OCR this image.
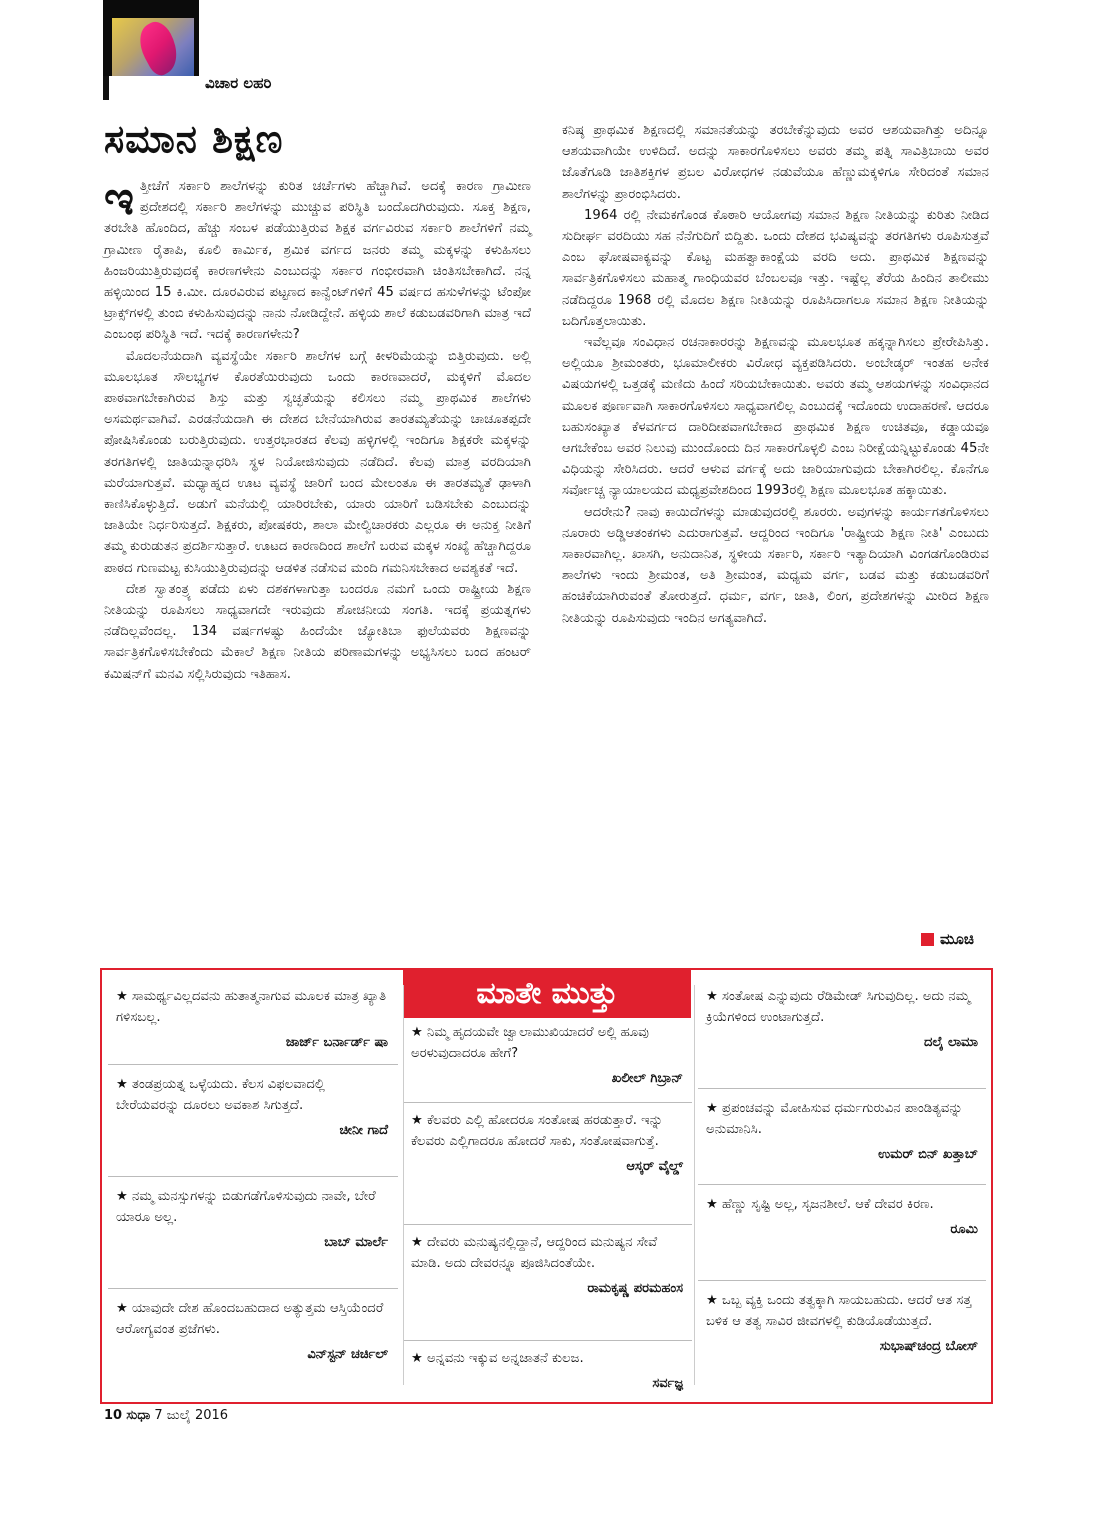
ವಿಚಾರ ಲಹರಿ
ಸಮಾನ ಶಿಕ್ಷಣ

ಇತ್ತೀಚೆಗೆ ಸರ್ಕಾರಿ ಶಾಲೆಗಳನ್ನು ಕುರಿತ ಚರ್ಚೆಗಳು ಹೆಚ್ಚಾಗಿವೆ. ಅದಕ್ಕೆ ಕಾರಣ ಗ್ರಾಮೀಣ ಪ್ರದೇಶದಲ್ಲಿ ಸರ್ಕಾರಿ ಶಾಲೆಗಳನ್ನು ಮುಚ್ಚುವ ಪರಿಸ್ಥಿತಿ ಬಂದೊದಗಿರುವುದು. ಸೂಕ್ತ ಶಿಕ್ಷಣ, ತರಬೇತಿ ಹೊಂದಿದ, ಹೆಚ್ಚು ಸಂಬಳ ಪಡೆಯುತ್ತಿರುವ ಶಿಕ್ಷಕ ವರ್ಗವಿರುವ ಸರ್ಕಾರಿ ಶಾಲೆಗಳಿಗೆ ನಮ್ಮ ಗ್ರಾಮೀಣ ರೈತಾಪಿ, ಕೂಲಿ ಕಾರ್ಮಿಕ, ಶ್ರಮಿಕ ವರ್ಗದ ಜನರು ತಮ್ಮ ಮಕ್ಕಳನ್ನು ಕಳುಹಿಸಲು ಹಿಂಜರಿಯುತ್ತಿರುವುದಕ್ಕೆ ಕಾರಣಗಳೇನು ಎಂಬುದನ್ನು ಸರ್ಕಾರ ಗಂಭೀರವಾಗಿ ಚಿಂತಿಸಬೇಕಾಗಿದೆ. ನನ್ನ ಹಳ್ಳಿಯಿಂದ 15 ಕಿ.ಮೀ. ದೂರವಿರುವ ಪಟ್ಟಣದ ಕಾನ್ವೆಂಟ್‌ಗಳಿಗೆ 45 ವರ್ಷದ ಹಸುಳೆಗಳನ್ನು ಟೆಂಪೋ ಟ್ರಾಕ್ಸ್‌ಗಳಲ್ಲಿ ತುಂಬಿ ಕಳುಹಿಸುವುದನ್ನು ನಾನು ನೋಡಿದ್ದೇನೆ. ಹಳ್ಳಿಯ ಶಾಲೆ ಕಡುಬಡವರಿಗಾಗಿ ಮಾತ್ರ ಇದೆ ಎಂಬಂಥ ಪರಿಸ್ಥಿತಿ ಇದೆ. ಇದಕ್ಕೆ ಕಾರಣಗಳೇನು?

ಮೊದಲನೆಯದಾಗಿ ವ್ಯವಸ್ಥೆಯೇ ಸರ್ಕಾರಿ ಶಾಲೆಗಳ ಬಗ್ಗೆ ಕೀಳರಿಮೆಯನ್ನು ಬಿತ್ತಿರುವುದು. ಅಲ್ಲಿ ಮೂಲಭೂತ ಸೌಲಭ್ಯಗಳ ಕೊರತೆಯಿರುವುದು ಒಂದು ಕಾರಣವಾದರೆ, ಮಕ್ಕಳಿಗೆ ಮೊದಲ ಪಾಠವಾಗಬೇಕಾಗಿರುವ ಶಿಸ್ತು ಮತ್ತು ಸ್ವಚ್ಛತೆಯನ್ನು ಕಲಿಸಲು ನಮ್ಮ ಪ್ರಾಥಮಿಕ ಶಾಲೆಗಳು ಅಸಮರ್ಥವಾಗಿವೆ. ಎರಡನೆಯದಾಗಿ ಈ ದೇಶದ ಬೇನೆಯಾಗಿರುವ ತಾರತಮ್ಯತೆಯನ್ನು ಚಾಚೂತಪ್ಪದೇ ಪೋಷಿಸಿಕೊಂಡು ಬರುತ್ತಿರುವುದು. ಉತ್ತರಭಾರತದ ಕೆಲವು ಹಳ್ಳಿಗಳಲ್ಲಿ ಇಂದಿಗೂ ಶಿಕ್ಷಕರೇ ಮಕ್ಕಳನ್ನು ತರಗತಿಗಳಲ್ಲಿ ಜಾತಿಯನ್ನಾಧರಿಸಿ ಸ್ಥಳ ನಿಯೋಜಿಸುವುದು ನಡೆದಿದೆ. ಕೆಲವು ಮಾತ್ರ ವರದಿಯಾಗಿ ಮರೆಯಾಗುತ್ತವೆ. ಮಧ್ಯಾಹ್ನದ ಊಟ ವ್ಯವಸ್ಥೆ ಜಾರಿಗೆ ಬಂದ ಮೇಲಂತೂ ಈ ತಾರತಮ್ಯತೆ ಢಾಳಾಗಿ ಕಾಣಿಸಿಕೊಳ್ಳುತ್ತಿದೆ. ಅಡುಗೆ ಮನೆಯಲ್ಲಿ ಯಾರಿರಬೇಕು, ಯಾರು ಯಾರಿಗೆ ಬಡಿಸಬೇಕು ಎಂಬುದನ್ನು ಜಾತಿಯೇ ನಿರ್ಧರಿಸುತ್ತದೆ. ಶಿಕ್ಷಕರು, ಪೋಷಕರು, ಶಾಲಾ ಮೇಲ್ವಿಚಾರಕರು ಎಲ್ಲರೂ ಈ ಅನುಕ್ತ ನೀತಿಗೆ ತಮ್ಮ ಕುರುಡುತನ ಪ್ರದರ್ಶಿಸುತ್ತಾರೆ. ಊಟದ ಕಾರಣದಿಂದ ಶಾಲೆಗೆ ಬರುವ ಮಕ್ಕಳ ಸಂಖ್ಯೆ ಹೆಚ್ಚಾಗಿದ್ದರೂ ಪಾಠದ ಗುಣಮಟ್ಟ ಕುಸಿಯುತ್ತಿರುವುದನ್ನು ಆಡಳಿತ ನಡೆಸುವ ಮಂದಿ ಗಮನಿಸಬೇಕಾದ ಅವಶ್ಯಕತೆ ಇದೆ.

ದೇಶ ಸ್ವಾತಂತ್ರ್ಯ ಪಡೆದು ಏಳು ದಶಕಗಳಾಗುತ್ತಾ ಬಂದರೂ ನಮಗೆ ಒಂದು ರಾಷ್ಟ್ರೀಯ ಶಿಕ್ಷಣ ನೀತಿಯನ್ನು ರೂಪಿಸಲು ಸಾಧ್ಯವಾಗದೇ ಇರುವುದು ಶೋಚನೀಯ ಸಂಗತಿ. ಇದಕ್ಕೆ ಪ್ರಯತ್ನಗಳು ನಡೆದಿಲ್ಲವೆಂದಲ್ಲ. 134 ವರ್ಷಗಳಷ್ಟು ಹಿಂದೆಯೇ ಜ್ಯೋತಿಬಾ ಫುಲೆಯವರು ಶಿಕ್ಷಣವನ್ನು ಸಾರ್ವತ್ರಿಕಗೊಳಿಸಬೇಕೆಂದು ಮೆಕಾಲೆ ಶಿಕ್ಷಣ ನೀತಿಯ ಪರಿಣಾಮಗಳನ್ನು ಅಭ್ಯಸಿಸಲು ಬಂದ ಹಂಟರ್ ಕಮಿಷನ್‌ಗೆ ಮನವಿ ಸಲ್ಲಿಸಿರುವುದು ಇತಿಹಾಸ.

ಕನಿಷ್ಠ ಪ್ರಾಥಮಿಕ ಶಿಕ್ಷಣದಲ್ಲಿ ಸಮಾನತೆಯನ್ನು ತರಬೇಕೆನ್ನುವುದು ಅವರ ಆಶಯವಾಗಿತ್ತು ಅದಿನ್ನೂ ಆಶಯವಾಗಿಯೇ ಉಳಿದಿದೆ. ಅದನ್ನು ಸಾಕಾರಗೊಳಿಸಲು ಅವರು ತಮ್ಮ ಪತ್ನಿ ಸಾವಿತ್ರಿಬಾಯಿ ಅವರ ಜೊತೆಗೂಡಿ ಜಾತಿಶಕ್ತಿಗಳ ಪ್ರಬಲ ವಿರೋಧಗಳ ನಡುವೆಯೂ ಹೆಣ್ಣುಮಕ್ಕಳಿಗೂ ಸೇರಿದಂತೆ ಸಮಾನ ಶಾಲೆಗಳನ್ನು ಪ್ರಾರಂಭಿಸಿದರು.

1964 ರಲ್ಲಿ ನೇಮಕಗೊಂಡ ಕೊಠಾರಿ ಆಯೋಗವು ಸಮಾನ ಶಿಕ್ಷಣ ನೀತಿಯನ್ನು ಕುರಿತು ನೀಡಿದ ಸುದೀರ್ಘ ವರದಿಯು ಸಹ ನೆನೆಗುದಿಗೆ ಬಿದ್ದಿತು. ಒಂದು ದೇಶದ ಭವಿಷ್ಯವನ್ನು ತರಗತಿಗಳು ರೂಪಿಸುತ್ತವೆ ಎಂಬ ಘೋಷವಾಕ್ಯವನ್ನು ಕೊಟ್ಟ ಮಹತ್ವಾಕಾಂಕ್ಷೆಯ ವರದಿ ಅದು. ಪ್ರಾಥಮಿಕ ಶಿಕ್ಷಣವನ್ನು ಸಾರ್ವತ್ರಿಕಗೊಳಿಸಲು ಮಹಾತ್ಮ ಗಾಂಧಿಯವರ ಬೆಂಬಲವೂ ಇತ್ತು. ಇಷ್ಟೆಲ್ಲ ತೆರೆಯ ಹಿಂದಿನ ತಾಲೀಮು ನಡೆದಿದ್ದರೂ 1968 ರಲ್ಲಿ ಮೊದಲ ಶಿಕ್ಷಣ ನೀತಿಯನ್ನು ರೂಪಿಸಿದಾಗಲೂ ಸಮಾನ ಶಿಕ್ಷಣ ನೀತಿಯನ್ನು ಬದಿಗೊತ್ತಲಾಯಿತು.

ಇವೆಲ್ಲವೂ ಸಂವಿಧಾನ ರಚನಾಕಾರರನ್ನು ಶಿಕ್ಷಣವನ್ನು ಮೂಲಭೂತ ಹಕ್ಕನ್ನಾಗಿಸಲು ಪ್ರೇರೇಪಿಸಿತ್ತು. ಅಲ್ಲಿಯೂ ಶ್ರೀಮಂತರು, ಭೂಮಾಲೀಕರು ವಿರೋಧ ವ್ಯಕ್ತಪಡಿಸಿದರು. ಅಂಬೇಡ್ಕರ್ ಇಂತಹ ಅನೇಕ ವಿಷಯಗಳಲ್ಲಿ ಒತ್ತಡಕ್ಕೆ ಮಣಿದು ಹಿಂದೆ ಸರಿಯಬೇಕಾಯಿತು. ಅವರು ತಮ್ಮ ಆಶಯಗಳನ್ನು ಸಂವಿಧಾನದ ಮೂಲಕ ಪೂರ್ಣವಾಗಿ ಸಾಕಾರಗೊಳಿಸಲು ಸಾಧ್ಯವಾಗಲಿಲ್ಲ ಎಂಬುದಕ್ಕೆ ಇದೊಂದು ಉದಾಹರಣೆ. ಆದರೂ ಬಹುಸಂಖ್ಯಾತ ಕೆಳವರ್ಗದ ದಾರಿದೀಪವಾಗಬೇಕಾದ ಪ್ರಾಥಮಿಕ ಶಿಕ್ಷಣ ಉಚಿತವೂ, ಕಡ್ಡಾಯವೂ ಆಗಬೇಕೆಂಬ ಅವರ ನಿಲುವು ಮುಂದೊಂದು ದಿನ ಸಾಕಾರಗೊಳ್ಳಲಿ ಎಂಬ ನಿರೀಕ್ಷೆಯನ್ನಿಟ್ಟುಕೊಂಡು 45ನೇ ವಿಧಿಯನ್ನು ಸೇರಿಸಿದರು. ಆದರೆ ಆಳುವ ವರ್ಗಕ್ಕೆ ಅದು ಜಾರಿಯಾಗುವುದು ಬೇಕಾಗಿರಲಿಲ್ಲ. ಕೊನೆಗೂ ಸರ್ವೋಚ್ಚ ನ್ಯಾಯಾಲಯದ ಮಧ್ಯಪ್ರವೇಶದಿಂದ 1993ರಲ್ಲಿ ಶಿಕ್ಷಣ ಮೂಲಭೂತ ಹಕ್ಕಾಯಿತು.

ಆದರೇನು? ನಾವು ಕಾಯಿದೆಗಳನ್ನು ಮಾಡುವುದರಲ್ಲಿ ಶೂರರು. ಅವುಗಳನ್ನು ಕಾರ್ಯಗತಗೊಳಿಸಲು ನೂರಾರು ಅಡ್ಡಿಆತಂಕಗಳು ಎದುರಾಗುತ್ತವೆ. ಆದ್ದರಿಂದ ಇಂದಿಗೂ 'ರಾಷ್ಟ್ರೀಯ ಶಿಕ್ಷಣ ನೀತಿ' ಎಂಬುದು ಸಾಕಾರವಾಗಿಲ್ಲ. ಖಾಸಗಿ, ಅನುದಾನಿತ, ಸ್ಥಳೀಯ ಸರ್ಕಾರಿ, ಸರ್ಕಾರಿ ಇತ್ಯಾದಿಯಾಗಿ ವಿಂಗಡಗೊಂಡಿರುವ ಶಾಲೆಗಳು ಇಂದು ಶ್ರೀಮಂತ, ಅತಿ ಶ್ರೀಮಂತ, ಮಧ್ಯಮ ವರ್ಗ, ಬಡವ ಮತ್ತು ಕಡುಬಡವರಿಗೆ ಹಂಚಿಕೆಯಾಗಿರುವಂತೆ ತೋರುತ್ತದೆ. ಧರ್ಮ, ವರ್ಗ, ಜಾತಿ, ಲಿಂಗ, ಪ್ರದೇಶಗಳನ್ನು ಮೀರಿದ ಶಿಕ್ಷಣ ನೀತಿಯನ್ನು ರೂಪಿಸುವುದು ಇಂದಿನ ಅಗತ್ಯವಾಗಿದೆ.

ಮೂಚಿ
ಮಾತೇ ಮುತ್ತು
★ ಸಾಮರ್ಥ್ಯವಿಲ್ಲದವನು ಹುತಾತ್ಮನಾಗುವ ಮೂಲಕ ಮಾತ್ರ ಖ್ಯಾತಿ ಗಳಿಸಬಲ್ಲ.
ಜಾರ್ಜ್ ಬರ್ನಾರ್ಡ್ ಷಾ
★ ತಂಡಪ್ರಯತ್ನ ಒಳ್ಳೆಯದು. ಕೆಲಸ ವಿಫಲವಾದಲ್ಲಿ ಬೇರೆಯವರನ್ನು ದೂರಲು ಅವಕಾಶ ಸಿಗುತ್ತದೆ.
ಚೀನೀ ಗಾದೆ
★ ನಮ್ಮ ಮನಸ್ಸುಗಳನ್ನು ಬಿಡುಗಡೆಗೊಳಿಸುವುದು ನಾವೇ, ಬೇರೆ ಯಾರೂ ಅಲ್ಲ.
ಬಾಬ್ ಮಾರ್ಲೆ
★ ಯಾವುದೇ ದೇಶ ಹೊಂದಬಹುದಾದ ಅತ್ಯುತ್ತಮ ಆಸ್ತಿಯೆಂದರೆ ಆರೋಗ್ಯವಂತ ಪ್ರಜೆಗಳು.
ವಿನ್‌ಸ್ಟನ್ ಚರ್ಚಿಲ್
★ ನಿಮ್ಮ ಹೃದಯವೇ ಜ್ವಾಲಾಮುಖಿಯಾದರೆ ಅಲ್ಲಿ ಹೂವು ಅರಳುವುದಾದರೂ ಹೇಗೆ?
ಖಲೀಲ್ ಗಿಬ್ರಾನ್
★ ಕೆಲವರು ಎಲ್ಲಿ ಹೋದರೂ ಸಂತೋಷ ಹರಡುತ್ತಾರೆ. ಇನ್ನು ಕೆಲವರು ಎಲ್ಲಿಗಾದರೂ ಹೋದರೆ ಸಾಕು, ಸಂತೋಷವಾಗುತ್ತೆ.
ಆಸ್ಕರ್ ವೈಲ್ಡ್
★ ದೇವರು ಮನುಷ್ಯನಲ್ಲಿದ್ದಾನೆ, ಆದ್ದರಿಂದ ಮನುಷ್ಯನ ಸೇವೆ ಮಾಡಿ. ಅದು ದೇವರನ್ನೂ ಪೂಜಿಸಿದಂತೆಯೇ.
ರಾಮಕೃಷ್ಣ ಪರಮಹಂಸ
★ ಅನ್ನವನು ಇಕ್ಕುವ ಅನ್ನಜಾತನೆ ಕುಲಜ.
ಸರ್ವಜ್ಞ
★ ಸಂತೋಷ ಎನ್ನುವುದು ರೆಡಿಮೇಡ್ ಸಿಗುವುದಿಲ್ಲ. ಅದು ನಮ್ಮ ಕ್ರಿಯೆಗಳಿಂದ ಉಂಟಾಗುತ್ತದೆ.
ದಲೈ ಲಾಮಾ
★ ಪ್ರಪಂಚವನ್ನು ಮೋಹಿಸುವ ಧರ್ಮಗುರುವಿನ ಪಾಂಡಿತ್ಯವನ್ನು ಅನುಮಾನಿಸಿ.
ಉಮರ್ ಬಿನ್ ಖತ್ತಾಬ್
★ ಹೆಣ್ಣು ಸೃಷ್ಟಿ ಅಲ್ಲ, ಸೃಜನಶೀಲೆ. ಆಕೆ ದೇವರ ಕಿರಣ.
ರೂಮಿ
★ ಒಬ್ಬ ವ್ಯಕ್ತಿ ಒಂದು ತತ್ವಕ್ಕಾಗಿ ಸಾಯಬಹುದು. ಆದರೆ ಆತ ಸತ್ತ ಬಳಿಕ ಆ ತತ್ವ ಸಾವಿರ ಜೀವಗಳಲ್ಲಿ ಕುಡಿಯೊಡೆಯುತ್ತದೆ.
ಸುಭಾಷ್‌ಚಂದ್ರ ಬೋಸ್
10 ಸುಧಾ 7 ಜುಲೈ 2016
